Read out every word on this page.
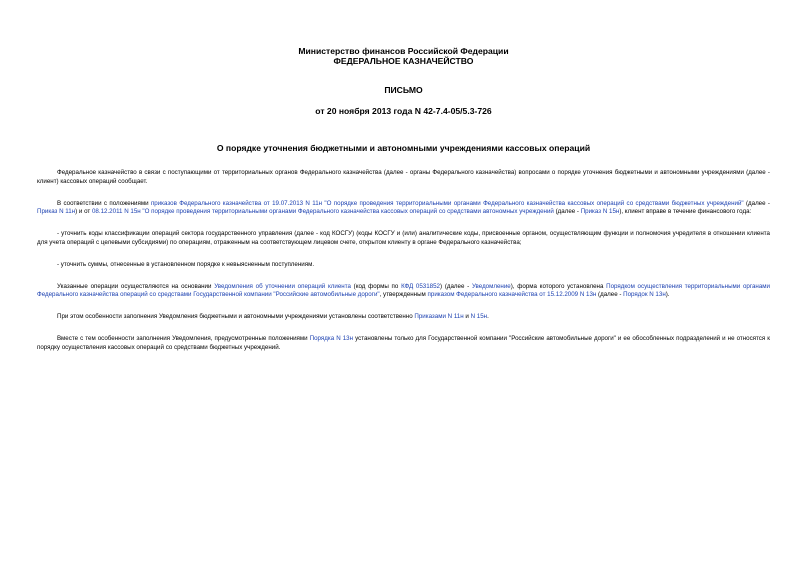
Министерство финансов Российской Федерации
ФЕДЕРАЛЬНОЕ КАЗНАЧЕЙСТВО
ПИСЬМО
от 20 ноября 2013 года N 42-7.4-05/5.3-726
О порядке уточнения бюджетными и автономными учреждениями кассовых операций

Федеральное казначейство в связи с поступающими от территориальных органов Федерального казначейства (далее - органы Федерального казначейства) вопросами о порядке уточнения бюджетными и автономными учреждениями (далее - клиент) кассовых операций сообщает.

В соответствии с положениями приказов Федерального казначейства от 19.07.2013 N 11н "О порядке проведения территориальными органами Федерального казначейства кассовых операций со средствами бюджетных учреждений" (далее - Приказ N 11н) и от 08.12.2011 N 15н "О порядке проведения территориальными органами Федерального казначейства кассовых операций со средствами автономных учреждений (далее - Приказ N 15н), клиент вправе в течение финансового года:

- уточнить коды классификации операций сектора государственного управления (далее - код КОСГУ) (коды КОСГУ и (или) аналитические коды, присвоенные органом, осуществляющим функции и полномочия учредителя в отношении клиента для учета операций с целевыми субсидиями) по операциям, отраженным на соответствующем лицевом счете, открытом клиенту в органе Федерального казначейства;

- уточнить суммы, отнесенные в установленном порядке к невыясненным поступлениям.

Указанные операции осуществляются на основании Уведомления об уточнении операций клиента (код формы по КФД 0531852) (далее - Уведомление), форма которого установлена Порядком осуществления территориальными органами Федерального казначейства операций со средствами Государственной компании "Российские автомобильные дороги", утвержденным приказом Федерального казначейства от 15.12.2009 N 13н (далее - Порядок N 13н).

При этом особенности заполнения Уведомления бюджетными и автономными учреждениями установлены соответственно Приказами N 11н и N 15н.

Вместе с тем особенности заполнения Уведомления, предусмотренные положениями Порядка N 13н установлены только для Государственной компании "Российские автомобильные дороги" и ее обособленных подразделений и не относятся к порядку осуществления кассовых операций со средствами бюджетных учреждений.
